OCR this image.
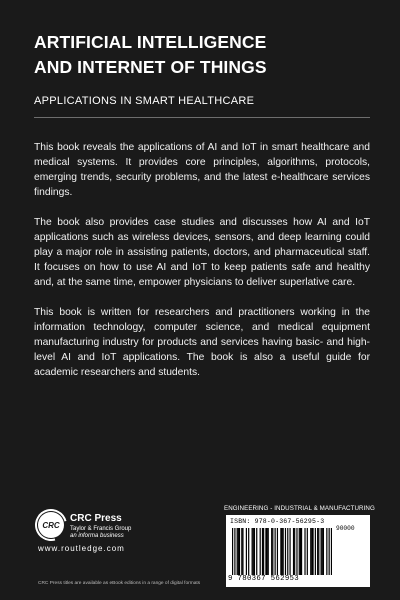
ARTIFICIAL INTELLIGENCE
AND INTERNET OF THINGS
APPLICATIONS IN SMART HEALTHCARE

This book reveals the applications of AI and IoT in smart healthcare and medical systems. It provides core principles, algorithms, protocols, emerging trends, security problems, and the latest e-healthcare services findings.

The book also provides case studies and discusses how AI and IoT applications such as wireless devices, sensors, and deep learning could play a major role in assisting patients, doctors, and pharmaceutical staff. It focuses on how to use AI and IoT to keep patients safe and healthy and, at the same time, empower physicians to deliver superlative care.

This book is written for researchers and practitioners working in the information technology, computer science, and medical equipment manufacturing industry for products and services having basic- and high-level AI and IoT applications. The book is also a useful guide for academic researchers and students.

CRC
CRC Press
Taylor & Francis Group
an informa business
www.routledge.com
CRC Press titles are available as eBook editions in a range of digital formats
ENGINEERING - INDUSTRIAL & MANUFACTURING
ISBN: 978-0-367-56295-3
90000
9 780367 562953
